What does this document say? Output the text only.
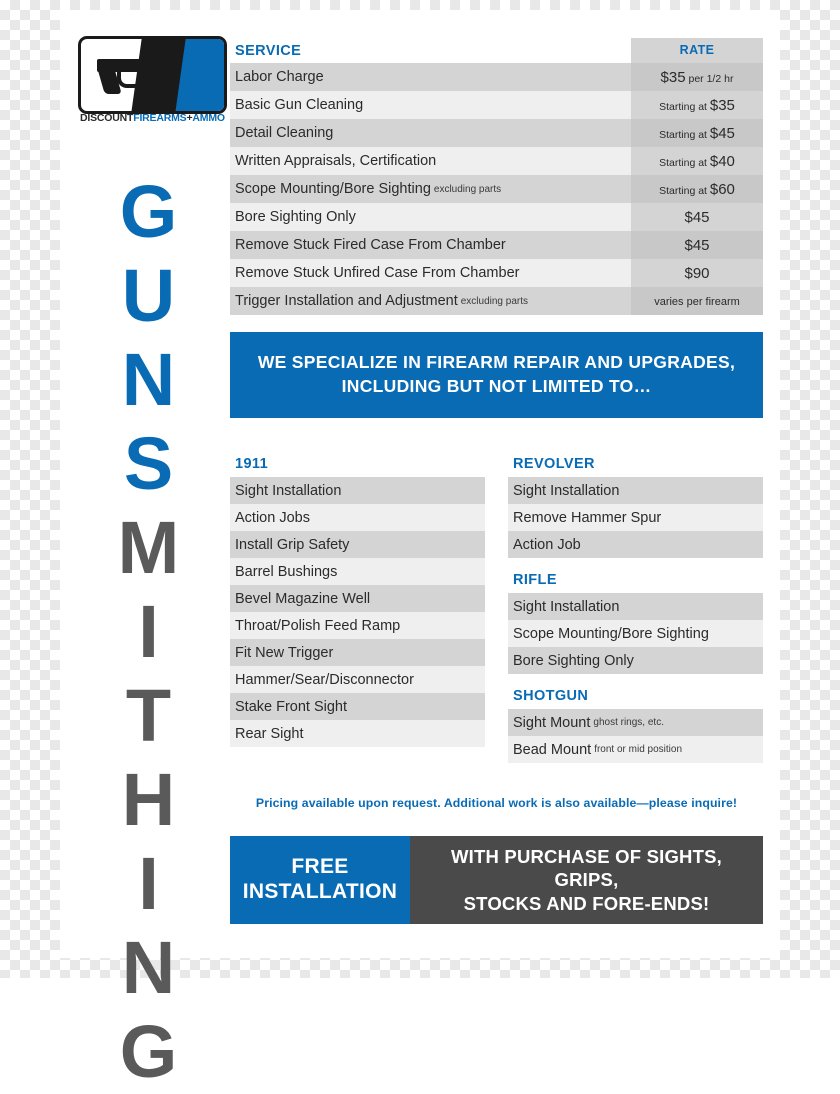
DISCOUNTFIREARMS+AMMO
GUNSMITHING
SERVICE	RATE
Labor Charge	$35 per 1/2 hr
Basic Gun Cleaning	Starting at $35
Detail Cleaning	Starting at $45
Written Appraisals, Certification	Starting at $40
Scope Mounting/Bore Sighting excluding parts	Starting at $60
Bore Sighting Only	$45
Remove Stuck Fired Case From Chamber	$45
Remove Stuck Unfired Case From Chamber	$90
Trigger Installation and Adjustment excluding parts	varies per firearm
WE SPECIALIZE IN FIREARM REPAIR AND UPGRADES,
INCLUDING BUT NOT LIMITED TO…
1911
Sight Installation
Action Jobs
Install Grip Safety
Barrel Bushings
Bevel Magazine Well
Throat/Polish Feed Ramp
Fit New Trigger
Hammer/Sear/Disconnector
Stake Front Sight
Rear Sight
REVOLVER
Sight Installation
Remove Hammer Spur
Action Job
RIFLE
Sight Installation
Scope Mounting/Bore Sighting
Bore Sighting Only
SHOTGUN
Sight Mount ghost rings, etc.
Bead Mount front or mid position
Pricing available upon request. Additional work is also available—please inquire!
FREE
INSTALLATION
WITH PURCHASE OF SIGHTS, GRIPS,
STOCKS AND FORE-ENDS!
